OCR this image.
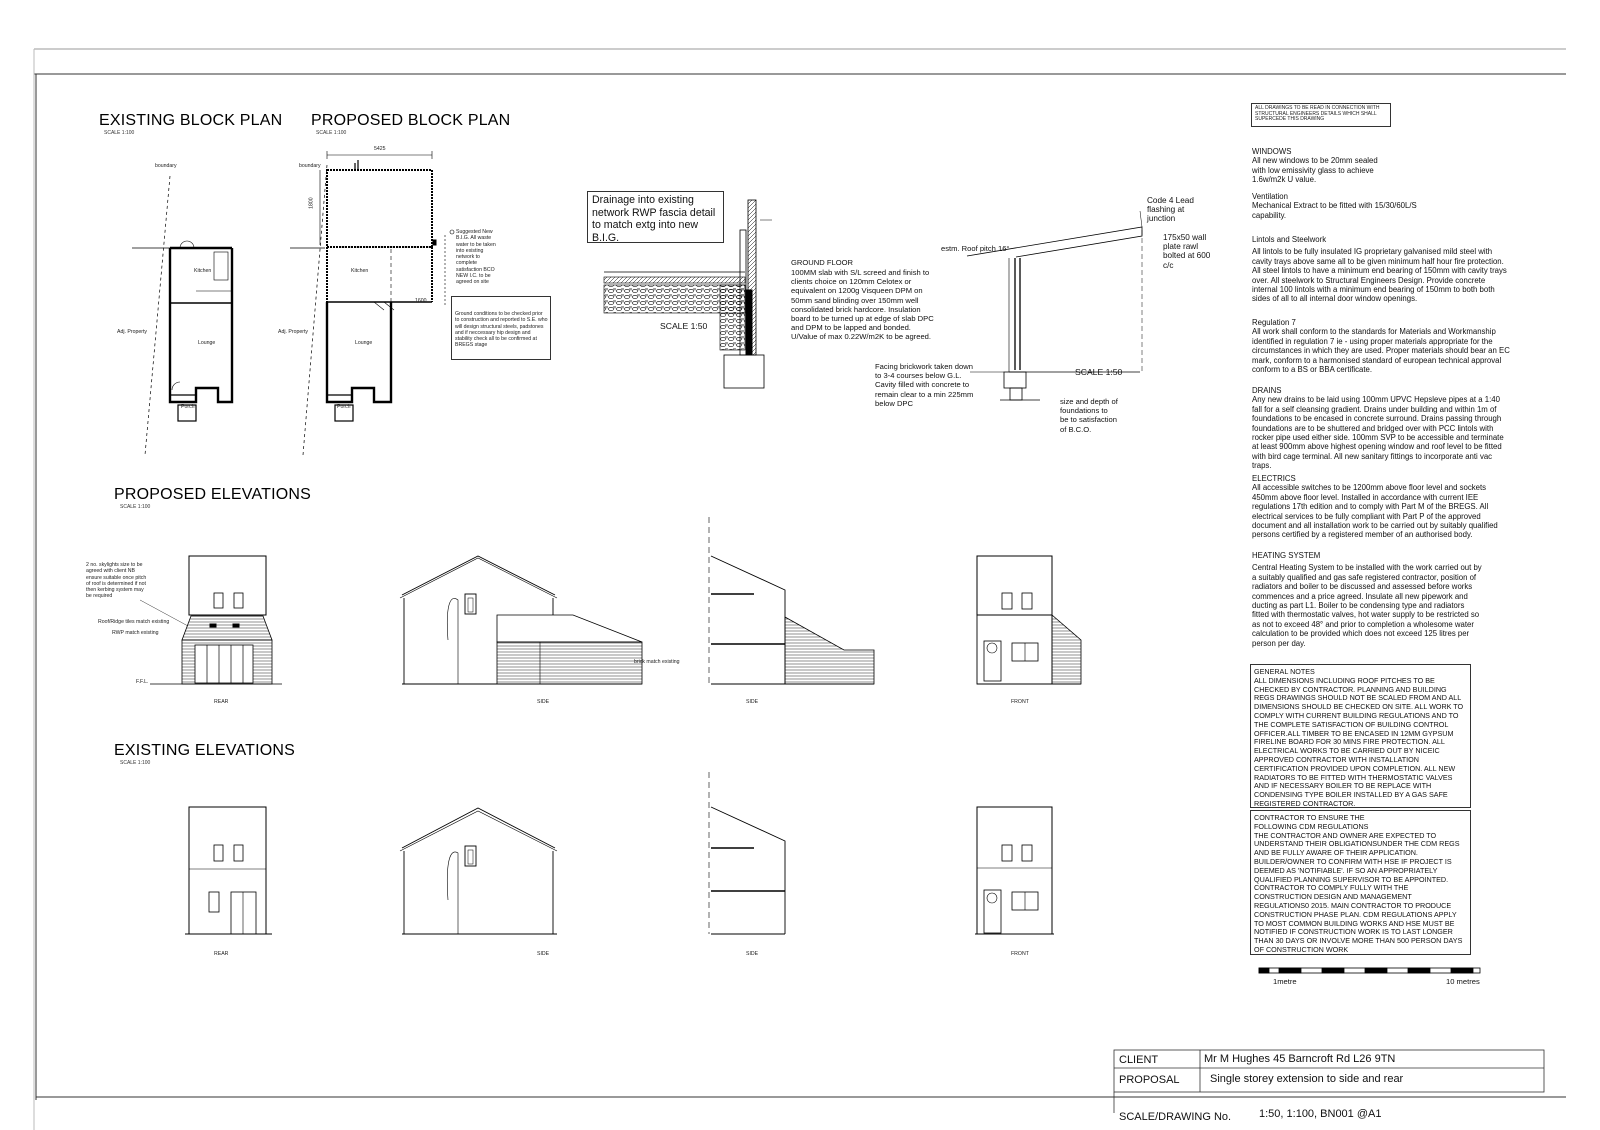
EXISTING BLOCK PLAN
SCALE 1:100
PROPOSED BLOCK PLAN
SCALE 1:100
PROPOSED ELEVATIONS
SCALE 1:100
EXISTING ELEVATIONS
SCALE 1:100
boundary
Kitchen
Lounge
Porch
Adj. Property
boundary
5425
1800
1600
Kitchen
Lounge
Porch
Adj. Property
Suggested New B.I.G. All waste water to be taken into existing network to complete satisfaction BCO NEW I.C. to be agreed on site
Ground conditions to be checked prior to construction and reported to S.E. who will design structural steels, padstones and if neccessary hip design and stability check all to be confirmed at BREGS stage
Drainage into existing network RWP fascia detail to match extg into new B.I.G.
SCALE 1:50
GROUND FLOOR
100MM slab with S/L screed and finish to clients choice on 120mm Celotex or equivalent on 1200g Visqueen DPM on 50mm sand blinding over 150mm well consolidated brick hardcore. Insulation board to be turned up at edge of slab DPC and DPM to be lapped and bonded. U/Value of max 0.22W/m2K to be agreed.
estm. Roof pitch 16°
Code 4 Lead flashing at junction
175x50 wall plate rawl bolted at 600 c/c
SCALE 1:50
Facing brickwork taken down to 3-4 courses below G.L. Cavity filled with concrete to remain clear to a min 225mm below DPC	size and depth of foundations to be to satisfaction of B.C.O.
2 no. skylights size to be agreed with client NB ensure suitable once pitch of roof is determined if not then kerbing system may be required
Roof/Ridge tiles match existing
RWP match existing
F.F.L.
brick match existing
REAR	SIDE	SIDE	FRONT
REAR	SIDE	SIDE	FRONT
ALL DRAWINGS TO BE READ IN CONNECTION WITH STRUCTURAL ENGINEERS DETAILS WHICH SHALL SUPERCEDE THIS DRAWING
WINDOWS
All new windows to be 20mm sealed with low emissivity glass to achieve 1.6w/m2k U value.
Ventilation
Mechanical Extract to be fitted with 15/30/60L/S capability.
Lintols and Steelwork
All lintols to be fully insulated IG proprietary galvanised mild steel with cavity trays above same all to be given minimum half hour fire protection. All steel lintols to have a minimum end bearing of 150mm with cavity trays over. All steelwork to Structural Engineers Design. Provide concrete internal 100 lintols with a minimum end bearing of 150mm to both both sides of all to all internal door window openings.
Regulation 7
All work shall conform to the standards for Materials and Workmanship identified in regulation 7 ie - using proper materials appropriate for the circumstances in which they are used. Proper materials should bear an EC mark, conform to a harmonised standard of european technical approval conform to a BS or BBA certificate.
DRAINS
Any new drains to be laid using 100mm UPVC Hepsleve pipes at a 1:40 fall for a self cleansing gradient. Drains under building and within 1m of foundations to be encased in concrete surround. Drains passing through foundations are to be shuttered and bridged over with PCC lintols with rocker pipe used either side. 100mm SVP to be accessible and terminate at least 900mm above highest opening window and roof level to be fitted with bird cage terminal. All new sanitary fittings to incorporate anti vac traps.
ELECTRICS
All accessible switches to be 1200mm above floor level and sockets 450mm above floor level. Installed in accordance with current IEE regulations 17th edition and to comply with Part M of the BREGS. All electrical services to be fully compliant with Part P of the approved document and all installation work to be carried out by suitably qualified persons certified by a registered member of an authorised body.
HEATING SYSTEM
Central Heating System to be installed with the work carried out by a suitably qualified and gas safe registered contractor, position of radiators and boiler to be discussed and assessed before works commences and a price agreed. Insulate all new pipework and ducting as part L1. Boiler to be condensing type and radiators fitted with thermostatic valves, hot water supply to be restricted so as not to exceed 48° and prior to completion a wholesome water calculation to be provided which does not exceed 125 litres per person per day.
GENERAL NOTES
ALL DIMENSIONS INCLUDING ROOF PITCHES TO BE CHECKED BY CONTRACTOR. PLANNING AND BUILDING REGS DRAWINGS SHOULD NOT BE SCALED FROM AND ALL DIMENSIONS SHOULD BE CHECKED ON SITE. ALL WORK TO COMPLY WITH CURRENT BUILDING REGULATIONS AND TO THE COMPLETE SATISFACTION OF BUILDING CONTROL OFFICER.ALL TIMBER TO BE ENCASED IN 12MM GYPSUM FIRELINE BOARD FOR 30 MINS FIRE PROTECTION. ALL ELECTRICAL WORKS TO BE CARRIED OUT BY NICEIC APPROVED CONTRACTOR WITH INSTALLATION CERTIFICATION PROVIDED UPON COMPLETION. ALL NEW RADIATORS TO BE FITTED WITH THERMOSTATIC VALVES AND IF NECESSARY BOILER TO BE REPLACE WITH CONDENSING TYPE BOILER INSTALLED BY A GAS SAFE REGISTERED CONTRACTOR.
CONTRACTOR TO ENSURE THE FOLLOWING CDM REGULATIONS
THE CONTRACTOR AND OWNER ARE EXPECTED TO UNDERSTAND THEIR OBLIGATIONSUNDER THE CDM REGS AND BE FULLY AWARE OF THEIR APPLICATION. BUILDER/OWNER TO CONFIRM WITH HSE IF PROJECT IS DEEMED AS 'NOTIFIABLE'. IF SO AN APPROPRIATELY QUALIFIED PLANNING SUPERVISOR TO BE APPOINTED. CONTRACTOR TO COMPLY FULLY WITH THE CONSTRUCTION DESIGN AND MANAGEMENT REGULATIONS0 2015. MAIN CONTRACTOR TO PRODUCE CONSTRUCTION PHASE PLAN. CDM REGULATIONS APPLY TO MOST COMMON BUILDING WORKS AND HSE MUST BE NOTIFIED IF CONSTRUCTION WORK IS TO LAST LONGER THAN 30 DAYS OR INVOLVE MORE THAN 500 PERSON DAYS OF CONSTRUCTION WORK
1metre	10 metres
CLIENT	Mr M Hughes 45 Barncroft Rd L26 9TN
PROPOSAL	Single storey extension to side and rear
SCALE/DRAWING No.	1:50, 1:100, BN001 @A1
